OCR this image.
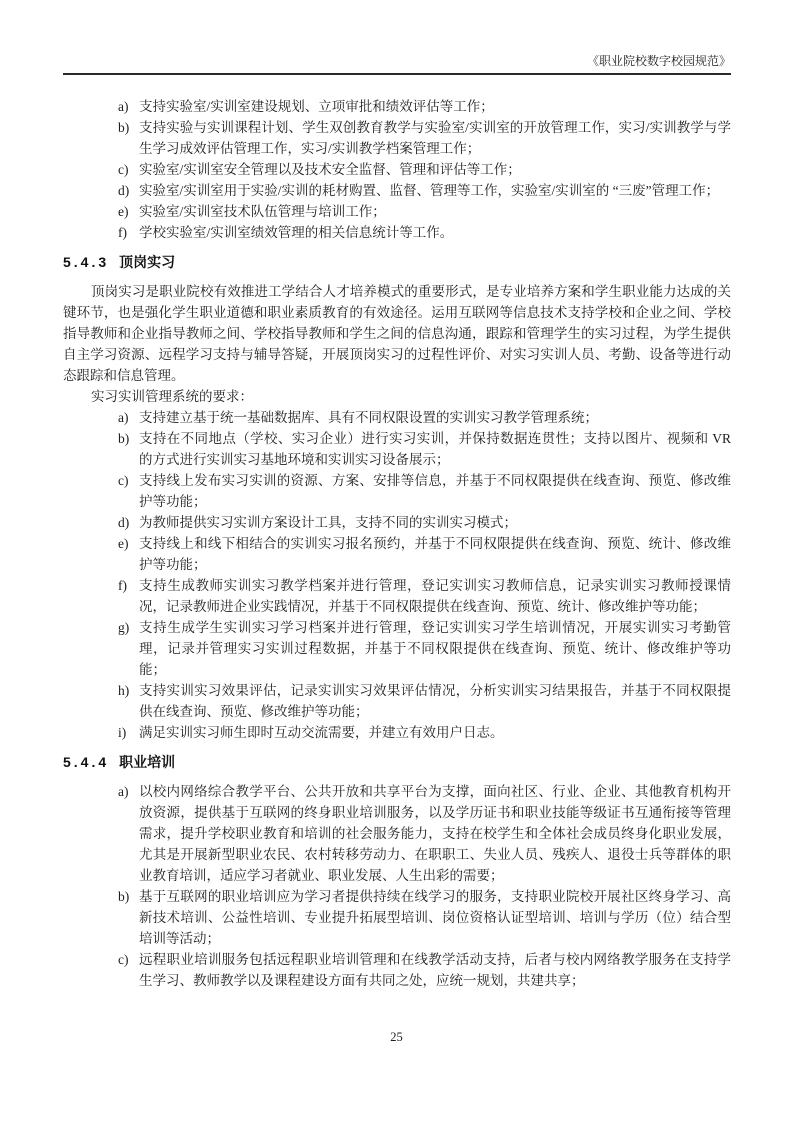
《职业院校数字校园规范》
a) 支持实验室/实训室建设规划、立项审批和绩效评估等工作；
b) 支持实验与实训课程计划、学生双创教育教学与实验室/实训室的开放管理工作，实习/实训教学与学生学习成效评估管理工作，实习/实训教学档案管理工作；
c) 实验室/实训室安全管理以及技术安全监督、管理和评估等工作；
d) 实验室/实训室用于实验/实训的耗材购置、监督、管理等工作，实验室/实训室的 “三废”管理工作；
e) 实验室/实训室技术队伍管理与培训工作；
f) 学校实验室/实训室绩效管理的相关信息统计等工作。
5.4.3 顶岗实习

顶岗实习是职业院校有效推进工学结合人才培养模式的重要形式，是专业培养方案和学生职业能力达成的关键环节，也是强化学生职业道德和职业素质教育的有效途径。运用互联网等信息技术支持学校和企业之间、学校指导教师和企业指导教师之间、学校指导教师和学生之间的信息沟通，跟踪和管理学生的实习过程，为学生提供自主学习资源、远程学习支持与辅导答疑，开展顶岗实习的过程性评价、对实习实训人员、考勤、设备等进行动态跟踪和信息管理。

实习实训管理系统的要求：

a) 支持建立基于统一基础数据库、具有不同权限设置的实训实习教学管理系统；
b) 支持在不同地点（学校、实习企业）进行实习实训，并保持数据连贯性；支持以图片、视频和 VR 的方式进行实训实习基地环境和实训实习设备展示；
c) 支持线上发布实习实训的资源、方案、安排等信息，并基于不同权限提供在线查询、预览、修改维护等功能；
d) 为教师提供实习实训方案设计工具，支持不同的实训实习模式；
e) 支持线上和线下相结合的实训实习报名预约，并基于不同权限提供在线查询、预览、统计、修改维护等功能；
f) 支持生成教师实训实习教学档案并进行管理，登记实训实习教师信息，记录实训实习教师授课情况，记录教师进企业实践情况，并基于不同权限提供在线查询、预览、统计、修改维护等功能；
g) 支持生成学生实训实习学习档案并进行管理，登记实训实习学生培训情况，开展实训实习考勤管理，记录并管理实习实训过程数据，并基于不同权限提供在线查询、预览、统计、修改维护等功能；
h) 支持实训实习效果评估，记录实训实习效果评估情况，分析实训实习结果报告，并基于不同权限提供在线查询、预览、修改维护等功能；
i) 满足实训实习师生即时互动交流需要，并建立有效用户日志。
5.4.4 职业培训
a) 以校内网络综合教学平台、公共开放和共享平台为支撑，面向社区、行业、企业、其他教育机构开放资源，提供基于互联网的终身职业培训服务，以及学历证书和职业技能等级证书互通衔接等管理需求，提升学校职业教育和培训的社会服务能力，支持在校学生和全体社会成员终身化职业发展，尤其是开展新型职业农民、农村转移劳动力、在职职工、失业人员、残疾人、退役士兵等群体的职业教育培训，适应学习者就业、职业发展、人生出彩的需要；
b) 基于互联网的职业培训应为学习者提供持续在线学习的服务，支持职业院校开展社区终身学习、高新技术培训、公益性培训、专业提升拓展型培训、岗位资格认证型培训、培训与学历（位）结合型培训等活动；
c) 远程职业培训服务包括远程职业培训管理和在线教学活动支持，后者与校内网络教学服务在支持学生学习、教师教学以及课程建设方面有共同之处，应统一规划，共建共享；
25
